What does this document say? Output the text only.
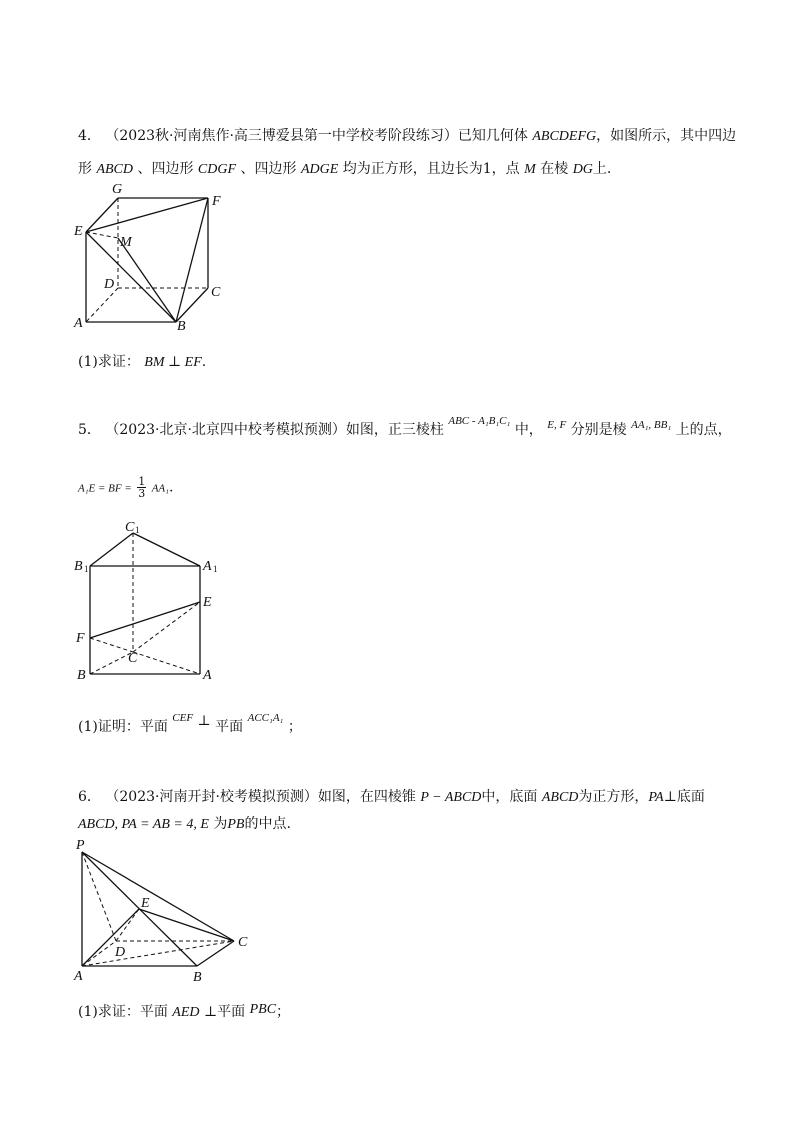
4． （2023秋·河南焦作·高三博爱县第一中学校考阶段练习）已知几何体 ABCDEFG，如图所示，其中四边
形 ABCD 、四边形 CDGF 、四边形 ADGE 均为正方形，且边长为1，点 M 在棱 DG上.
G
F
E
M
D
C
A	B
C 1
B 1	A 1
E
F
C
B	A
P
E
D
C
A	B
(1)求证： BM ⊥ EF.
5． （2023·北京·北京四中校考模拟预测）如图，正三棱柱 $^{ABC - A_1B_1C_1}$ 中， $^{E, F}$ 分别是棱 $^{AA_1, BB_1}$ 上的点，
A₁E = BF = $\frac{1}{3} AA_1$.
(1)证明：平面 $^{CEF}$ ⊥ 平面 $^{ACC_1A_1}$ ；
6． （2023·河南开封·校考模拟预测）如图，在四棱锥 P − ABCD中，底面 ABCD为正方形，PA⊥底面
ABCD, PA = AB = 4, E 为PB的中点.
(1)求证：平面 AED ⊥平面 PBC；
